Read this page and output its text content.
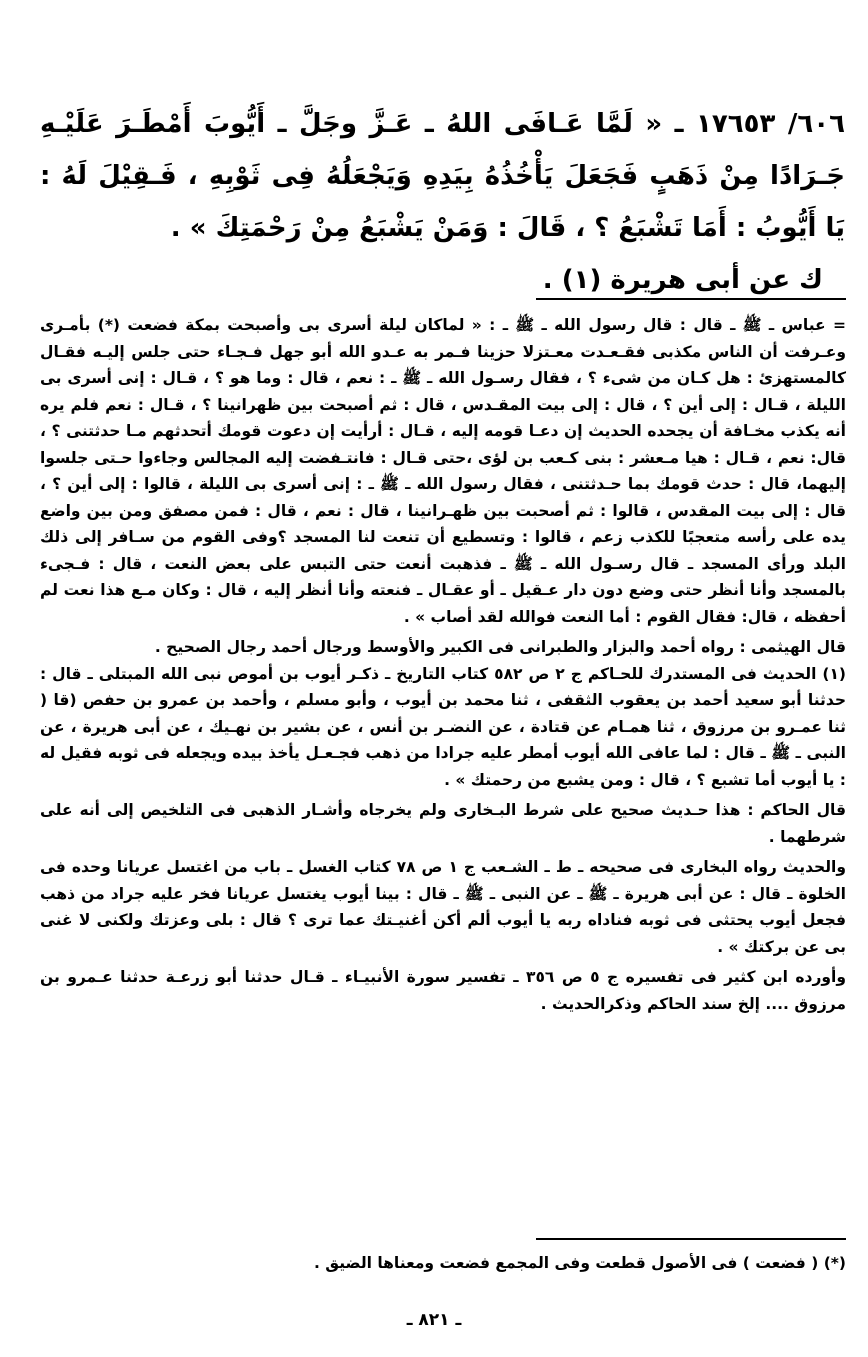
٦٠٦/ ١٧٦٥٣ ـ « لَمَّا عَـافَى اللهُ ـ عَـزَّ وجَلَّ ـ أَيُّوبَ أَمْطَـرَ عَلَيْـهِ جَـرَادًا مِنْ ذَهَبٍ فَجَعَلَ يَأْخُذُهُ بِيَدِهِ وَيَجْعَلُهُ فِى ثَوْبِهِ ، فَـقِيْلَ لَهُ : يَا أَيُّوبُ : أَمَا تَشْبَعُ ؟ ، قَالَ : وَمَنْ يَشْبَعُ مِنْ رَحْمَتِكَ » .

ك عن أبى هريرة (١) .

= عباس ـ ﷺ ـ قال : قال رسول الله ـ ﷺ ـ : « لماكان ليلة أسرى بى وأصبحت بمكة فضعت (*) بأمـرى وعـرفت أن الناس مكذبى فقـعـدت معـتزلا حزينا فـمر به عـدو الله أبو جهل فـجـاء حتى جلس إليـه فقـال كالمستهزئ : هل كـان من شىء ؟ ، فقال رسـول الله ـ ﷺ ـ : نعم ، قال : وما هو ؟ ، قـال : إنى أسرى بى الليلة ، قـال : إلى أين ؟ ، قال : إلى بيت المقـدس ، قال : ثم أصبحت بين ظهرانينا ؟ ، قـال : نعم فلم يره أنه يكذب مخـافة أن يجحده الحديث إن دعـا قومه إليه ، قـال : أرأيت إن دعوت قومك أتحدثهم مـا حدثتنى ؟ ، قال: نعم ، قـال : هيا مـعشر : بنى كـعب بن لؤى ،حتى قـال : فانتـفضت إليه المجالس وجاءوا حـتى جلسوا إليهما، قال : حدث قومك بما حـدثتنى ، فقال رسول الله ـ ﷺ ـ : إنى أسرى بى الليلة ، قالوا : إلى أين ؟ ، قال : إلى بيت المقدس ، قالوا : ثم أصحبت بين ظهـرانينا ، قال : نعم ، قال : فمن مصفق ومن بين واضع يده على رأسه متعجبًا للكذب زعم ، قالوا : وتسطيع أن تنعت لنا المسجد ؟وفى القوم من سـافر إلى ذلك البلد ورأى المسجد ـ قال رسـول الله ـ ﷺ ـ فذهبت أنعت حتى التبس على بعض النعت ، قال : فـجىء بالمسجد وأنا أنظر حتى وضع دون دار عـقيل ـ أو عقـال ـ فنعته وأنا أنظر إليه ، قال : وكان مـع هذا نعت لم أحفظه ، قال: فقال القوم : أما النعت فوالله لقد أصاب » .

قال الهيثمى : رواه أحمد والبزار والطبرانى فى الكبير والأوسط ورجال أحمد رجال الصحيح .

(١) الحديث فى المستدرك للحـاكم ج ٢ ص ٥٨٢ كتاب التاريخ ـ ذكـر أيوب بن أموص نبى الله المبتلى ـ قال : حدثنا أبو سعيد أحمد بن يعقوب الثقفى ، ثنا محمد بن أيوب ، وأبو مسلم ، وأحمد بن عمرو بن حفص (قا ( ثنا عمـرو بن مرزوق ، ثنا همـام عن قتادة ، عن النضـر بن أنس ، عن بشير بن نهـيك ، عن أبى هريرة ، عن النبى ـ ﷺ ـ قال : لما عافى الله أيوب أمطر عليه جرادا من ذهب فجـعـل يأخذ بيده ويجعله فى ثوبه فقيل له : يا أيوب أما تشبع ؟ ، قال : ومن يشبع من رحمتك » .

قال الحاكم : هذا حـديث صحيح على شرط البـخارى ولم يخرجاه وأشـار الذهبى فى التلخيص إلى أنه على شرطهما .

والحديث رواه البخارى فى صحيحه ـ ط ـ الشـعب ج ١ ص ٧٨ كتاب الغسل ـ باب من اغتسل عريانا وحده فى الخلوة ـ قال : عن أبى هريرة ـ ﷺ ـ عن النبى ـ ﷺ ـ قال : بينا أيوب يغتسل عريانا فخر عليه جراد من ذهب فجعل أيوب يحتثى فى ثوبه فناداه ربه يا أيوب ألم أكن أغنيـتك عما ترى ؟ قال : بلى وعزتك ولكنى لا غنى بى عن بركتك » .

وأورده ابن كثير فى تفسيره ج ٥ ص ٣٥٦ ـ تفسير سورة الأنبيـاء ـ قـال حدثنا أبو زرعـة حدثنا عـمرو بن مرزوق .... إلخ سند الحاكم وذكرالحديث .

(*) ( فضعت ) فى الأصول قطعت وفى المجمع فضعت ومعناها الضيق .
ـ ٨٢١ ـ
